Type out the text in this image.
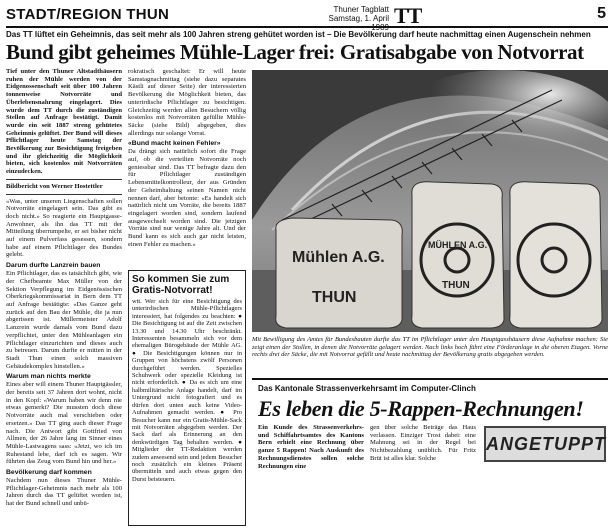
STADT/REGION THUN	Thuner Tagblatt
Samstag, 1. April 1989 TT	5
Das TT lüftet ein Geheimnis, das seit mehr als 100 Jahren streng gehütet worden ist – Die Bevölkerung darf heute nachmittag einen Augenschein nehmen
Bund gibt geheimes Mühle-Lager frei: Gratisabgabe von Notvorrat

Tief unter den Thuner Altstadthäusern ruhen der Mühle werden von der Eidgenossenschaft seit über 100 Jahren tonnenweise Notvorräte und Überlebensnahrung eingelagert. Dies wurde dem TT durch die zuständigen Stellen auf Anfrage bestätigt. Damit wurde ein seit 1887 streng gehütetes Geheimnis gelüftet. Der Bund will dieses Pflichtlager heute Samstag der Bevölkerung zur Besichtigung freigeben und ihr gleichzeitig die Möglichkeit bieten, sich kostenlos mit Notvorräten einzudecken.

Bildbericht von Werner Hostettler

«Was, unter unseren Liegenschaften sollen Notvorräte eingelagert sein. Das gibt es doch nicht.» So reagierte ein Hauptgasse-Anwohner, als ihn das TT mit der Mitteilung überrumpelte, er sei bisher nicht auf einem Pulverfass gesessen, sondern habe auf einem Pflichtlager des Bundes gelebt.

Darum durfte Lanzrein bauen

Ein Pflichtlager, das es tatsächlich gibt, wie der Chefbeamte Max Müller von der Sektion Verpflegung im Eidgenössischen Oberkriegskommissariat in Bern dem TT auf Anfrage bestätigte: «Das Ganze geht zurück auf den Bau der Mühle, die ja nun abgerissen ist. Müllermeister Adolf Lanzrein wurde damals vom Bund dazu verpflichtet, unter den Mühleanlagen ein Pflichtlager einzurichten und dieses auch zu betreuen. Darum durfte er mitten in der Stadt Thun einen solch massiven Gebäudekomplex hinstellen.»

Warum man nichts merkte

Eines aber will einem Thuner Hauptgässler, der bereits seit 37 Jahren dort wohnt, nicht in den Kopf: «Warum haben wir denn nie etwas gemerkt? Die mussten doch diese Notvorräte auch mal verschieben oder ersetzen.» Das TT ging auch dieser Frage nach. Die Antwort gibt Gottfried von Allmen, der 26 Jahre lang im Sinner eines Mühle-Lastwagens sass: «Jetzt, wo ich im Ruhestand lebe, darf ich es sagen. Wir führten das Zeug vom Bund hin und her.»

Bevölkerung darf kommen

Nachdem nun dieses Thuner Mühle-Pflichtlager-Geheimnis nach mehr als 100 Jahren durch das TT gelüftet worden ist, hat der Bund schnell und unbü-

rokratisch geschaltet: Er will heute Samstagnachmittag (siehe dazu separates Kästli auf dieser Seite) der interessierten Bevölkerung die Möglichkeit bieten, das unterirdische Pflichtlager zu besichtigen. Gleichzeitig werden allen Besuchern völlig kostenlos mit Notvorräten gefüllte Mühle-Säcke (siehe Bild) abgegeben, dies allerdings nur solange Vorrat.

«Bund macht keinen Fehler»

Da drängt sich natürlich sofort die Frage auf, ob die verteilten Notvorräte noch geniessbar sind. Das TT befragte dazu den für Pflichtlager zuständigen Lebensmittelkontrolleur, der aus Gründen der Geheimhaltung seinen Namen nicht nennen darf, aber betonte: «Es handelt sich natürlich nicht um Vorräte, die bereits 1887 eingelagert worden sind, sondern laufend ausgewechselt worden sind. Die jetzigen Vorräte sind nur wenige Jahre alt. Und der Bund kann es sich auch gar nicht leisten, einen Fehler zu machen.»

So kommen Sie zum Gratis-Notvorrat!

wtt. Wer sich für eine Besichtigung des unterirdischen Mühle-Pflichtlagers interessiert, hat folgendes zu beachten: ● Die Besichtigung ist auf die Zeit zwischen 13.30 und 14.30 Uhr beschränkt. Interessenten besammeln sich vor dem ehemaligen Bürogebäude der Mühle AG. ● Die Besichtigungen können nur in Gruppen von höchstens zwölf Personen durchgeführt werden. Spezielles Schuhwerk oder spezielle Kleidung ist nicht erforderlich. ● Da es sich um eine halbmilitärische Anlage handelt, darf im Untergrund nicht fotografiert und es dürfen dort unten auch keine Video-Aufnahmen gemacht werden. ● Pro Besucher kann nur ein Gratis-Mühle-Sack mit Notvorräten abgegeben werden. Der Sack darf als Erinnerung an den denkwürdigen Tag behalten werden. ● Mitglieder der TT-Redaktion werden zudem anwesend sein und jedem Besucher noch zusätzlich ein kleines Präsent übermitteln und auch etwas gegen den Durst beisteuern.

Mühlen A.G.
THUN
MÜHLEN A.G.
THUN
Mit Bewilligung des Amtes für Bundesbauten durfte das TT im Pflichtlager unter den Hauptgasshäusern diese Aufnahme machen: Sie zeigt einen der Stollen, in denen die Notvorräte gelagert werden. Nach links hoch führt eine Förderanlage in die oberen Etagen. Vorne rechts drei der Säcke, die mit Notvorrat gefüllt und heute nachmittag der Bevölkerung gratis abgegeben werden.
Das Kantonale Strassenverkehrsamt im Computer-Clinch
Es leben die 5-Rappen-Rechnungen!

Ein Kunde des Strassenverkehrs- und Schiffahrtsamtes des Kantons Bern erhielt eine Rechnung über ganze 5 Rappen! Nach Auskunft des Rechnungsdienstes sollen solche Rechnungen eine

gen über solche Beträge das Haus verlassen. Einziger Trost dabei: eine Mahnung sei in der Regel bei Nichtbezahlung unüblich. Für Fritz Brüt ist alles klar. Solche

ANGETUPPT
